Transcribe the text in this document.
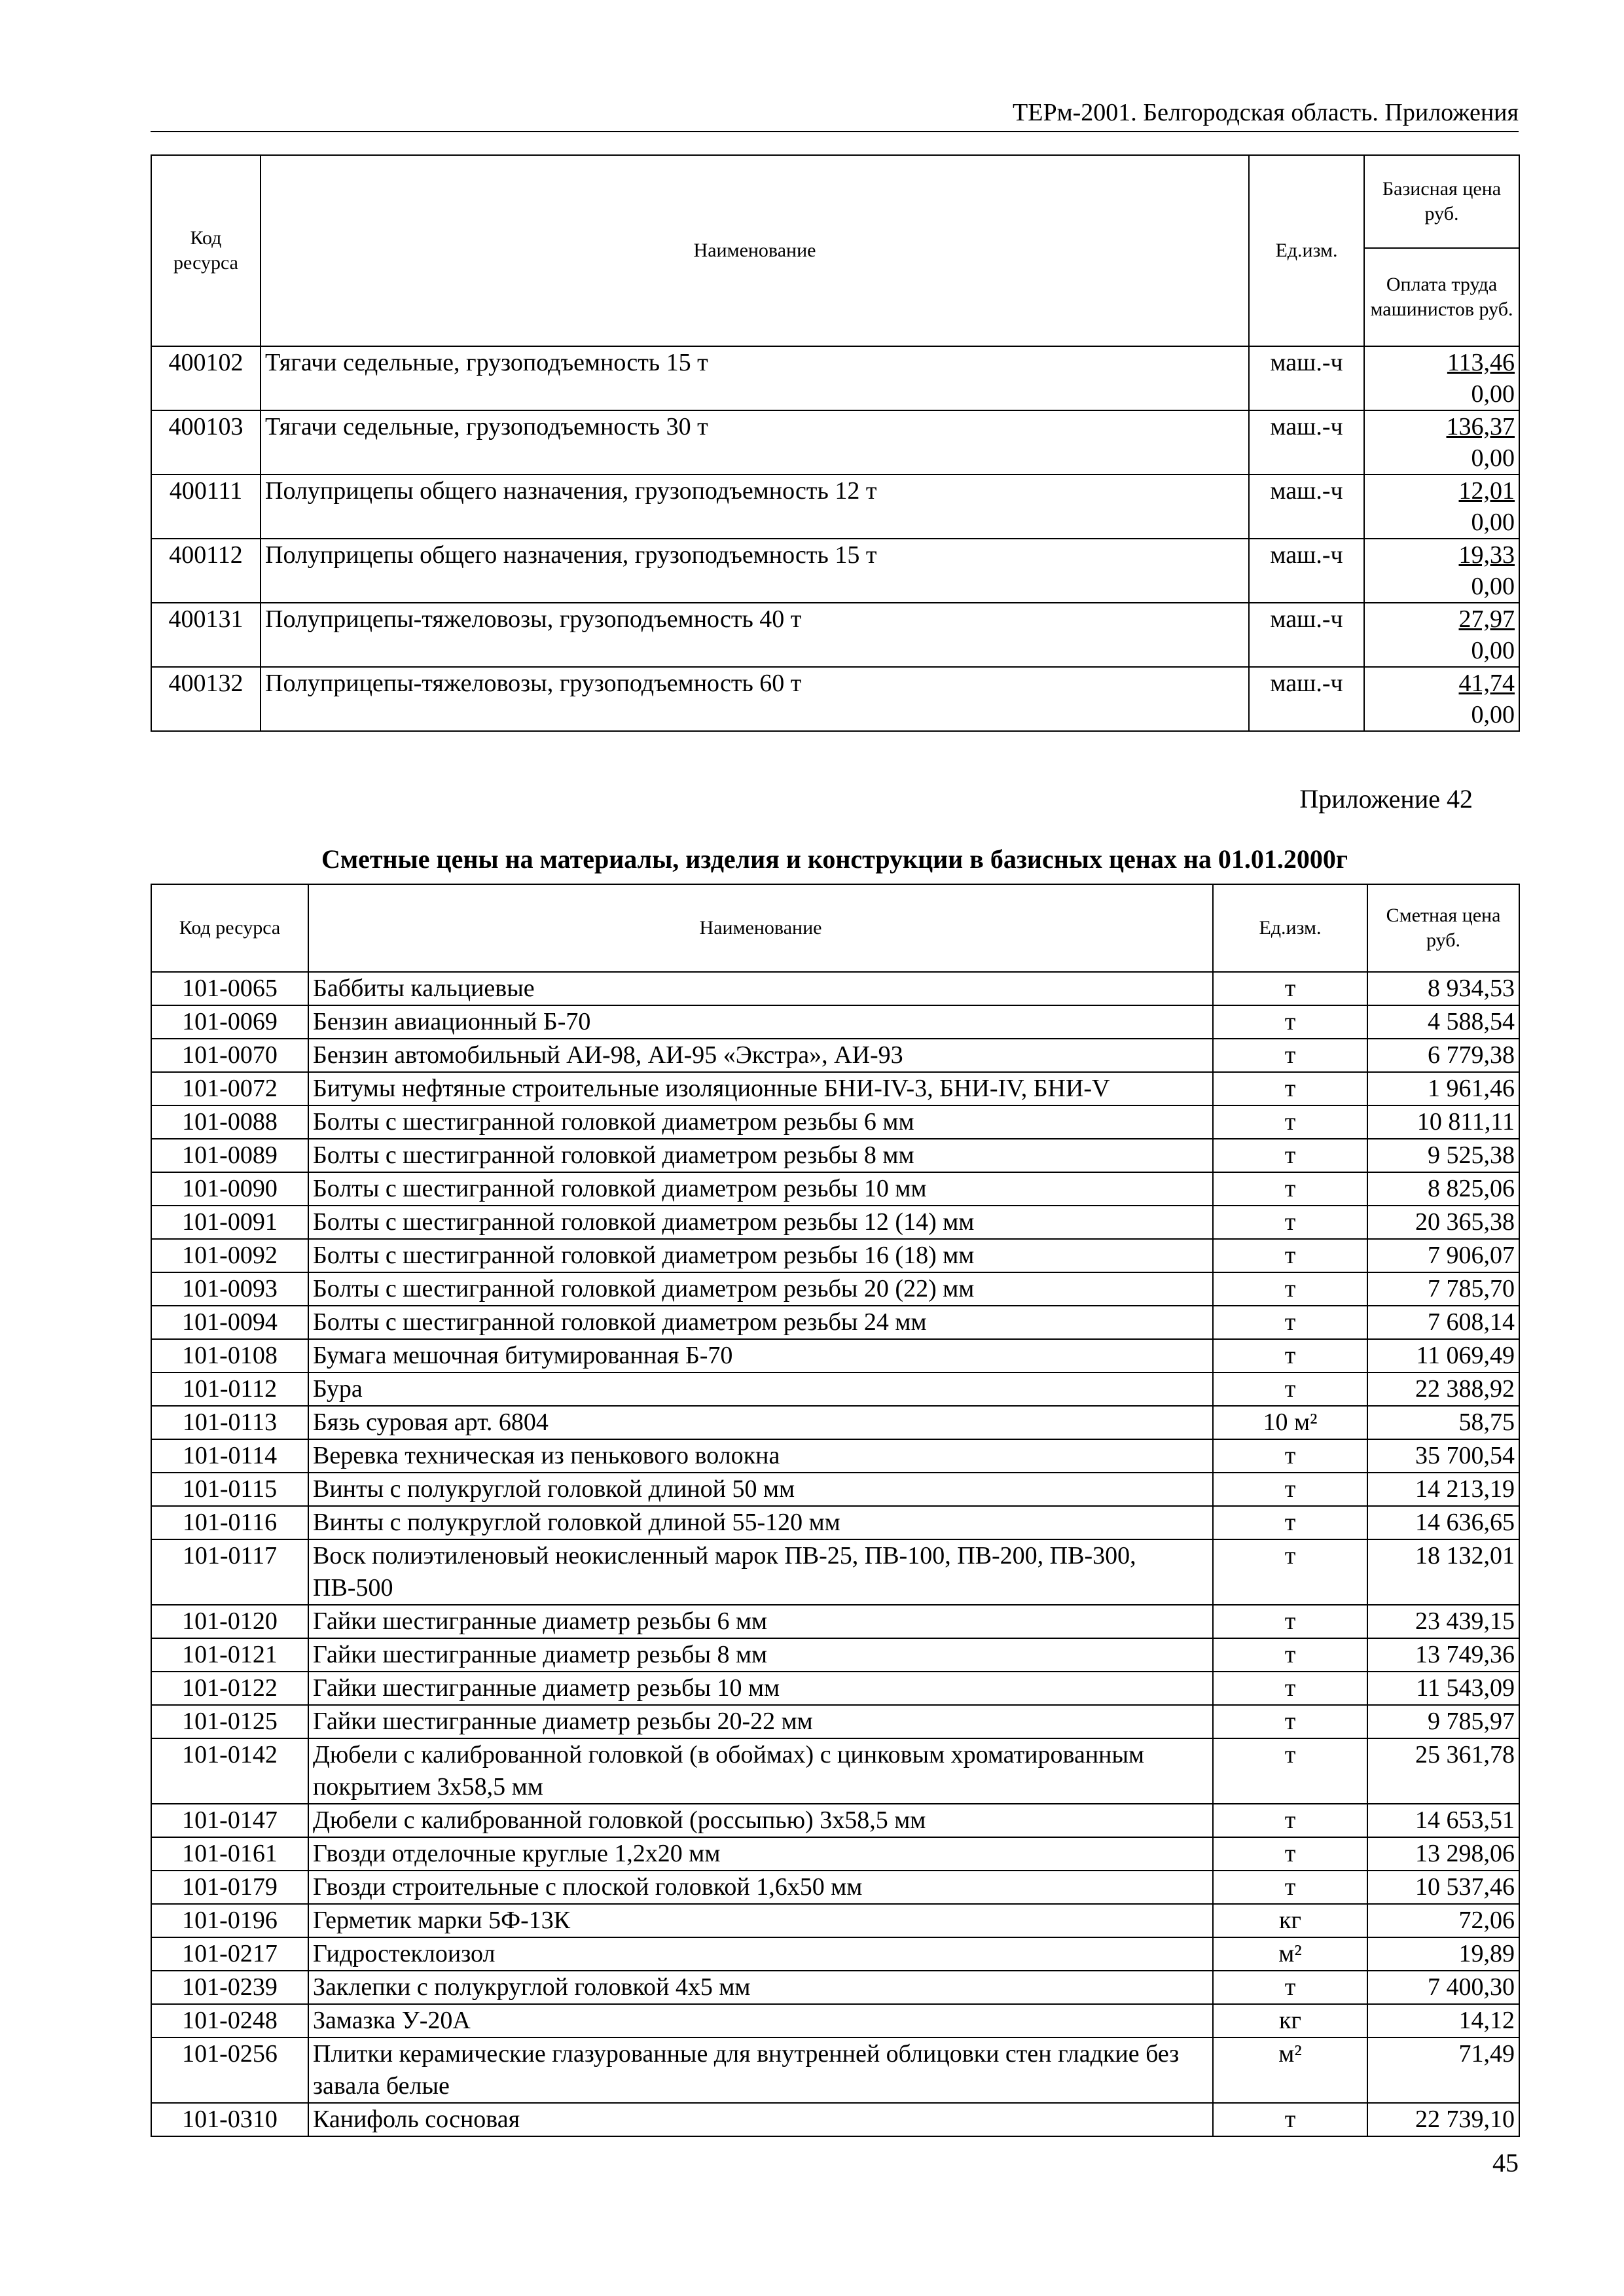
ТЕРм-2001. Белгородская область. Приложения
Код ресурса	Наименование	Ед.изм.	Базисная цена руб.
			Оплата труда машинистов руб.
400102	Тягачи седельные, грузоподъемность 15 т	маш.-ч	113,46
0,00

400103	Тягачи седельные, грузоподъемность 30 т	маш.-ч	136,37
0,00

400111	Полуприцепы общего назначения, грузоподъемность 12 т	маш.-ч	12,01
0,00

400112	Полуприцепы общего назначения, грузоподъемность 15 т	маш.-ч	19,33
0,00

400131	Полуприцепы-тяжеловозы, грузоподъемность 40 т	маш.-ч	27,97
0,00

400132	Полуприцепы-тяжеловозы, грузоподъемность 60 т	маш.-ч	41,74
0,00
Приложение 42
Сметные цены на материалы, изделия и конструкции в базисных ценах на 01.01.2000г
Код ресурса	Наименование	Ед.изм.	Сметная цена руб.
101-0065	Баббиты кальциевые	т	8 934,53
101-0069	Бензин авиационный Б-70	т	4 588,54
101-0070	Бензин автомобильный АИ-98, АИ-95 «Экстра», АИ-93	т	6 779,38
101-0072	Битумы нефтяные строительные изоляционные БНИ-IV-3, БНИ-IV, БНИ-V	т	1 961,46
101-0088	Болты с шестигранной головкой диаметром резьбы 6 мм	т	10 811,11
101-0089	Болты с шестигранной головкой диаметром резьбы 8 мм	т	9 525,38
101-0090	Болты с шестигранной головкой диаметром резьбы 10 мм	т	8 825,06
101-0091	Болты с шестигранной головкой диаметром резьбы 12 (14) мм	т	20 365,38
101-0092	Болты с шестигранной головкой диаметром резьбы 16 (18) мм	т	7 906,07
101-0093	Болты с шестигранной головкой диаметром резьбы 20 (22) мм	т	7 785,70
101-0094	Болты с шестигранной головкой диаметром резьбы 24 мм	т	7 608,14
101-0108	Бумага мешочная битумированная Б-70	т	11 069,49
101-0112	Бура	т	22 388,92
101-0113	Бязь суровая арт. 6804	10 м²	58,75
101-0114	Веревка техническая из пенькового волокна	т	35 700,54
101-0115	Винты с полукруглой головкой длиной 50 мм	т	14 213,19
101-0116	Винты с полукруглой головкой длиной 55-120 мм	т	14 636,65
101-0117	Воск полиэтиленовый неокисленный марок ПВ-25, ПВ-100, ПВ-200, ПВ-300, ПВ-500	т	18 132,01
101-0120	Гайки шестигранные диаметр резьбы 6 мм	т	23 439,15
101-0121	Гайки шестигранные диаметр резьбы 8 мм	т	13 749,36
101-0122	Гайки шестигранные диаметр резьбы 10 мм	т	11 543,09
101-0125	Гайки шестигранные диаметр резьбы 20-22 мм	т	9 785,97
101-0142	Дюбели с калиброванной головкой (в обоймах) с цинковым хроматированным покрытием 3х58,5 мм	т	25 361,78
101-0147	Дюбели с калиброванной головкой (россыпью) 3х58,5 мм	т	14 653,51
101-0161	Гвозди отделочные круглые 1,2х20 мм	т	13 298,06
101-0179	Гвозди строительные с плоской головкой 1,6х50 мм	т	10 537,46
101-0196	Герметик марки 5Ф-13К	кг	72,06
101-0217	Гидростеклоизол	м²	19,89
101-0239	Заклепки с полукруглой головкой 4х5 мм	т	7 400,30
101-0248	Замазка У-20А	кг	14,12
101-0256	Плитки керамические глазурованные для внутренней облицовки стен гладкие без завала белые	м²	71,49
101-0310	Канифоль сосновая	т	22 739,10
45
